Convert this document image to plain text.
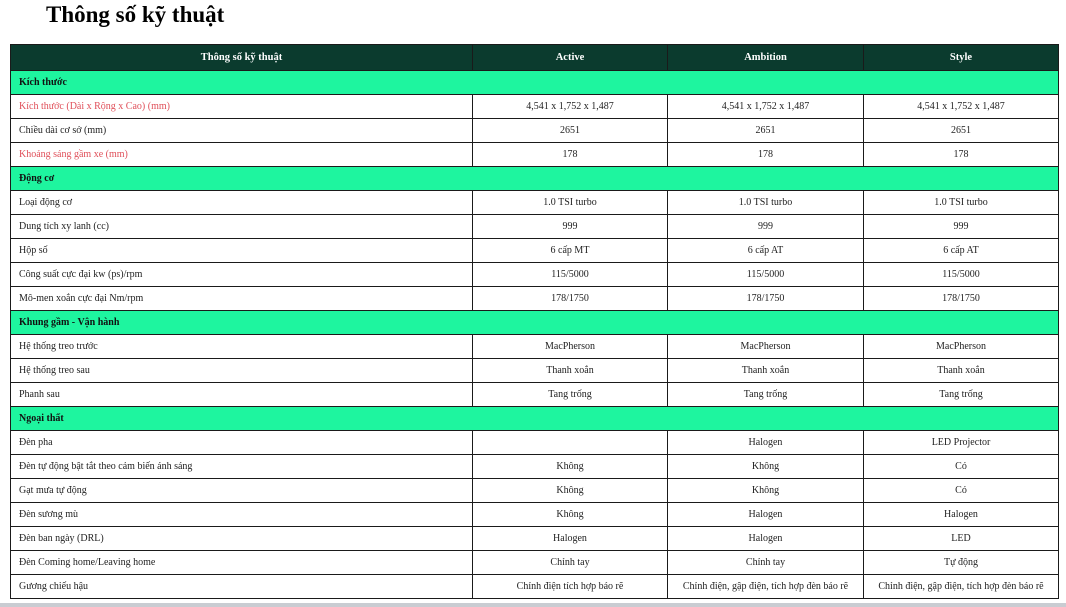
Thông số kỹ thuật
Thông số kỹ thuật	Active	Ambition	Style
Kích thước			
Kích thước (Dài x Rộng x Cao) (mm)	4,541 x 1,752 x 1,487	4,541 x 1,752 x 1,487	4,541 x 1,752 x 1,487
Chiều dài cơ sở (mm)	2651	2651	2651
Khoảng sáng gầm xe (mm)	178	178	178
Động cơ			
Loại động cơ	1.0 TSI turbo	1.0 TSI turbo	1.0 TSI turbo
Dung tích xy lanh (cc)	999	999	999
Hộp số	6 cấp MT	6 cấp AT	6 cấp AT
Công suất cực đại kw (ps)/rpm	115/5000	115/5000	115/5000
Mô-men xoắn cực đại Nm/rpm	178/1750	178/1750	178/1750
Khung gầm - Vận hành			
Hệ thống treo trước	MacPherson	MacPherson	MacPherson
Hệ thống treo sau	Thanh xoắn	Thanh xoắn	Thanh xoắn
Phanh sau	Tang trống	Tang trống	Tang trống
Ngoại thất			
Đèn pha		Halogen	LED Projector
Đèn tự động bật tắt theo cảm biến ánh sáng	Không	Không	Có
Gạt mưa tự động	Không	Không	Có
Đèn sương mù	Không	Halogen	Halogen
Đèn ban ngày (DRL)	Halogen	Halogen	LED
Đèn Coming home/Leaving home	Chỉnh tay	Chỉnh tay	Tự động
Gương chiếu hậu	Chỉnh điện tích hợp báo rẽ	Chỉnh điện, gập điện, tích hợp đèn báo rẽ	Chỉnh điện, gập điện, tích hợp đèn báo rẽ
